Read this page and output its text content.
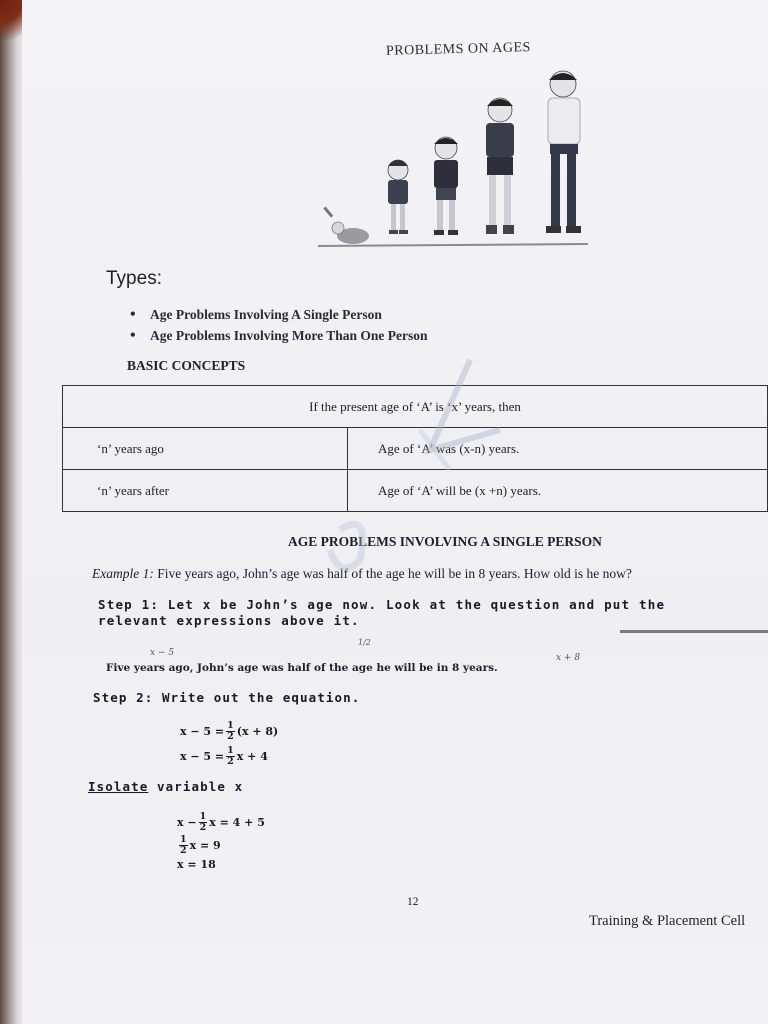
PROBLEMS ON AGES
Types:
• Age Problems Involving A Single Person
• Age Problems Involving More Than One Person
BASIC CONCEPTS
If the present age of ‘A’ is ‘x’ years, then	
‘n’ years ago	Age of ‘A’ was (x-n) years.
‘n’ years after	Age of ‘A’ will be (x +n) years.
AGE PROBLEMS INVOLVING A SINGLE PERSON
Example 1: Five years ago, John’s age was half of the age he will be in 8 years. How old is he now?
Step 1: Let x be John’s age now. Look at the question and put the relevant expressions above it.
x − 5
1/2
x + 8
Five years ago, John’s age was half of the age he will be in 8 years.
Step 2: Write out the equation.
$x - 5 = \frac{1}{2} (x + 8)$
$x - 5 = \frac{1}{2}$ x + 4
Isolate variable x
$x - \frac{1}{2}$ x = 4 + 5
$\frac{1}{2}$ x = 9
x = 18
12
Training & Placement Cell
